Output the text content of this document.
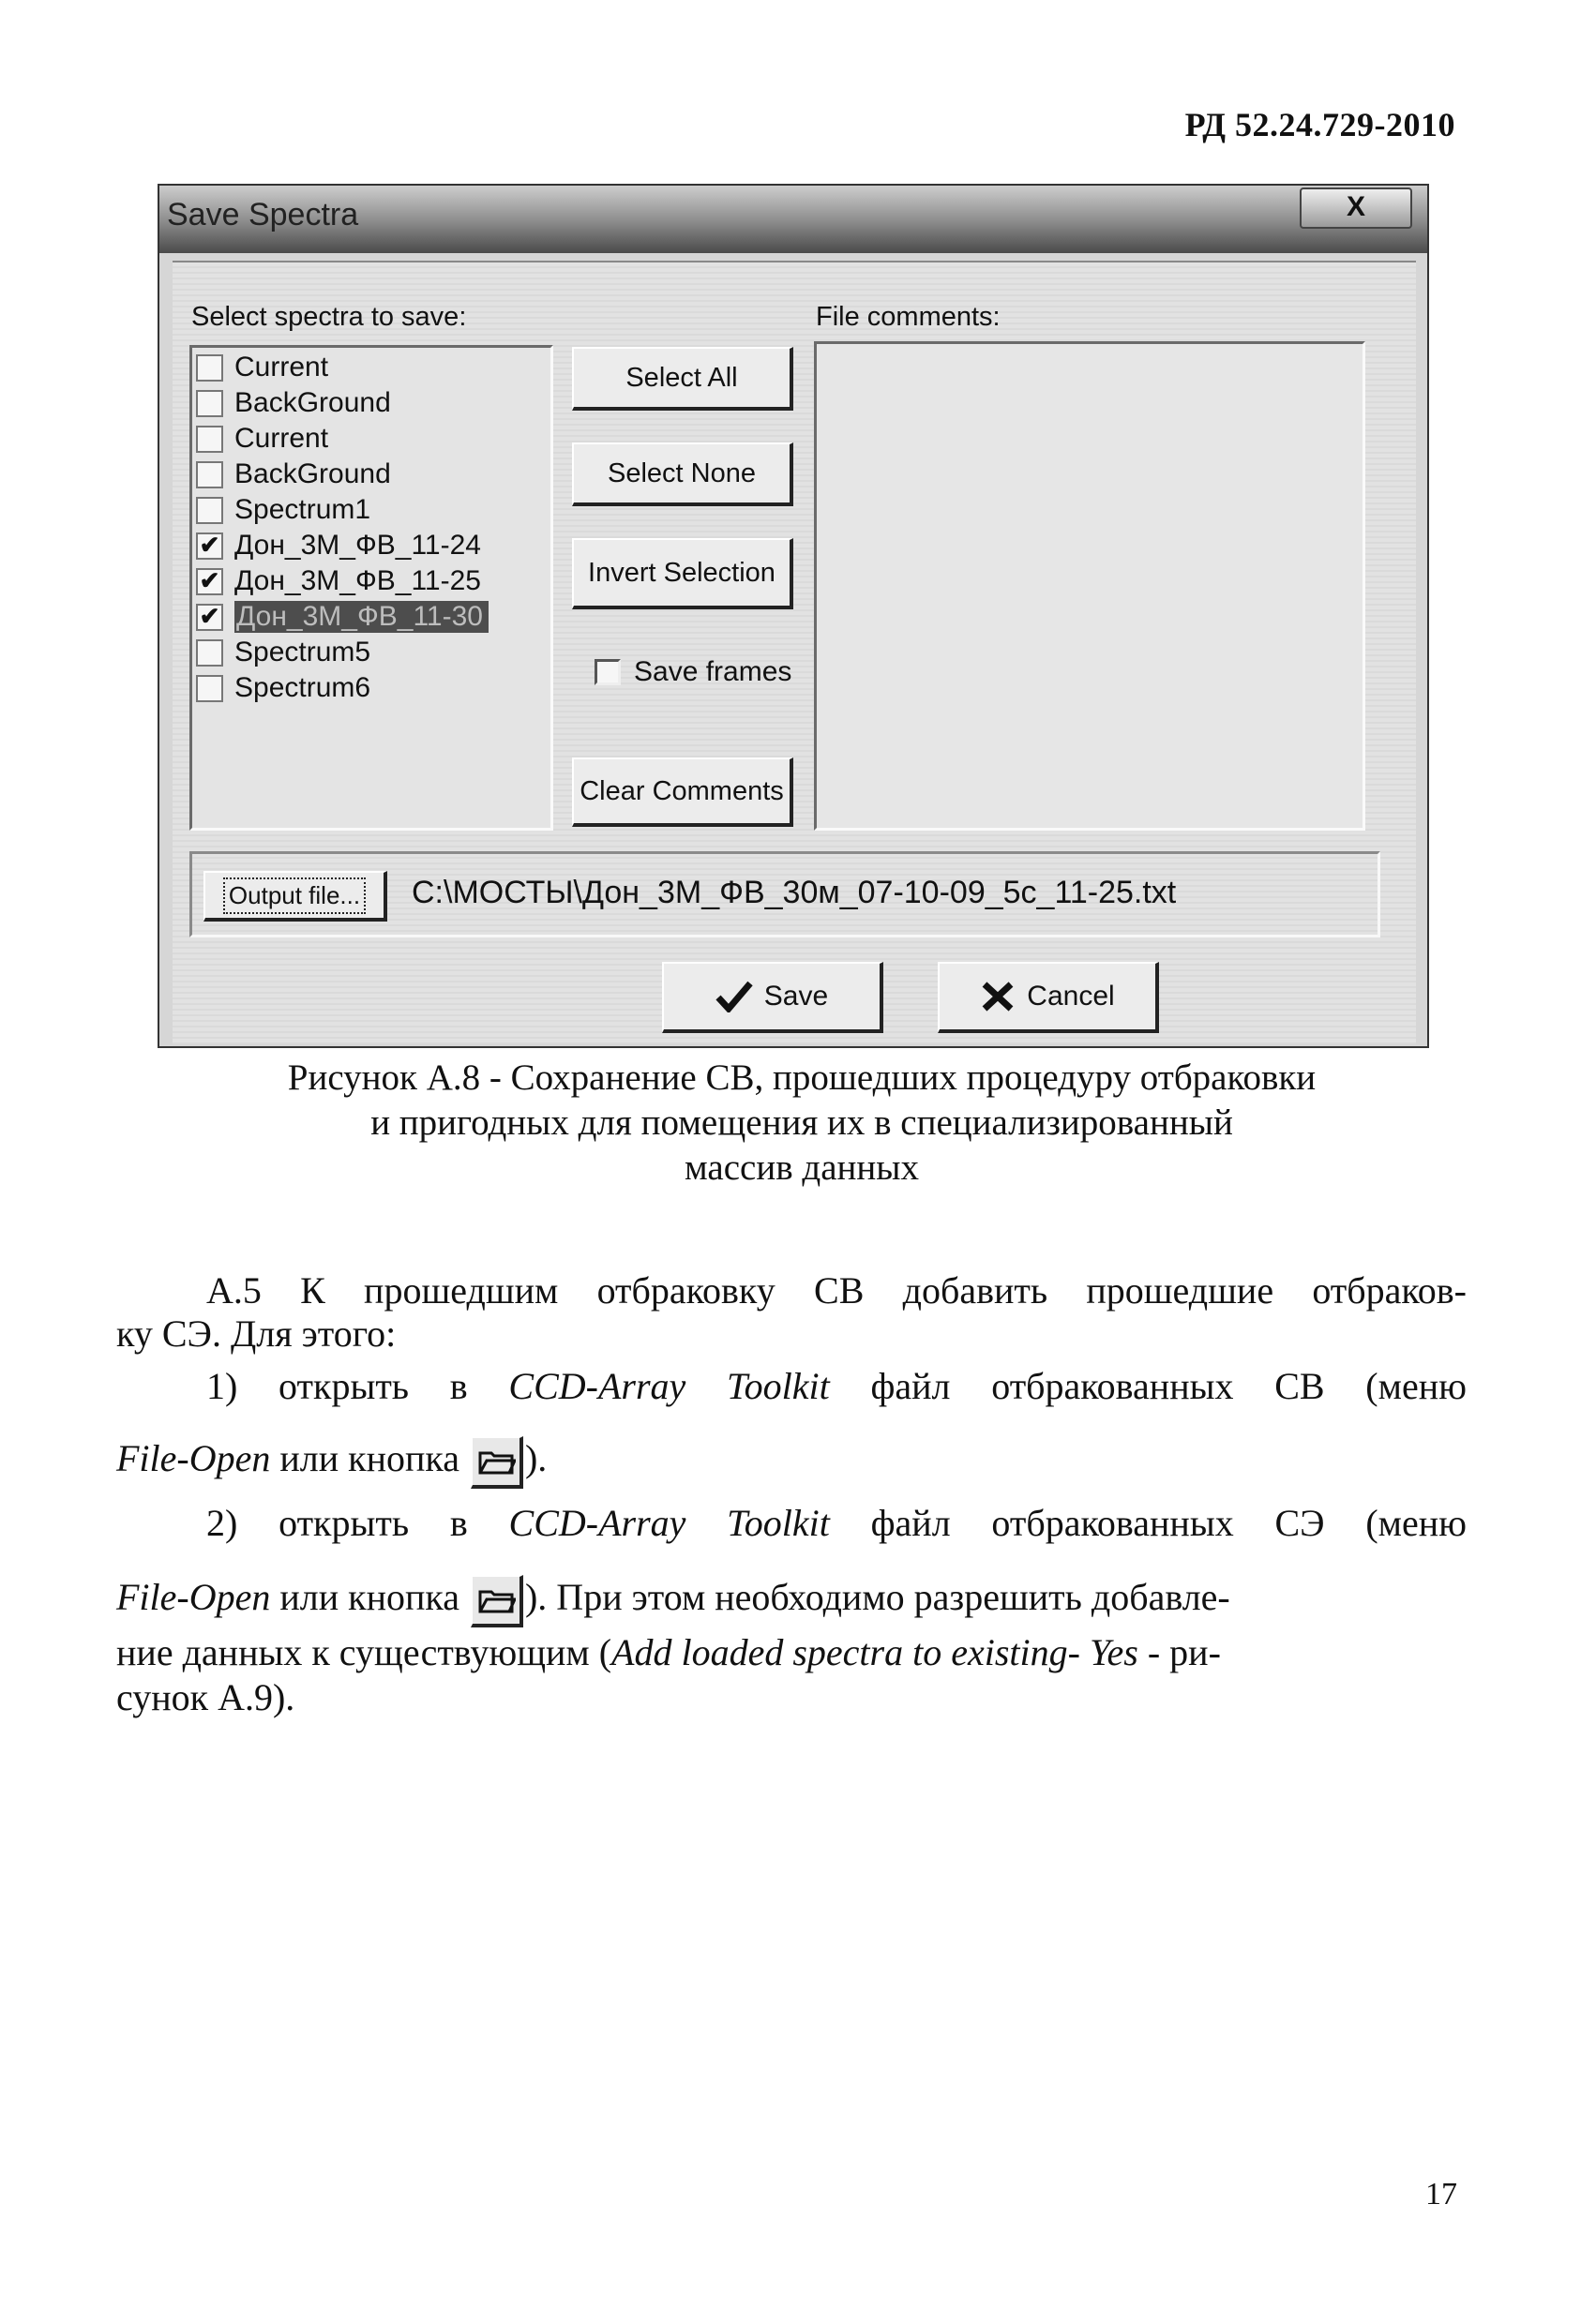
РД 52.24.729-2010
Save Spectra	X
Select spectra to save:	File comments:
Current
BackGround
Current
BackGround
Spectrum1
✔ Дон_3М_ФВ_11-24
✔ Дон_3М_ФВ_11-25
✔ Дон_3М_ФВ_11-30
Spectrum5
Spectrum6
Select All
Select None
Invert Selection
Save frames
Clear Comments
Output file... C:\МОСТЫ\Дон_3М_ФВ_30м_07-10-09_5с_11-25.txt
Save	Cancel
Рисунок А.8 - Сохранение СВ, прошедших процедуру отбраковки
и пригодных для помещения их в специализированный
массив данных
А.5 К прошедшим отбраковку СВ добавить прошедшие отбраков-
ку СЭ. Для этого:
1) открыть в CCD-Array Toolkit файл отбракованных СВ (меню
File-Open или кнопка
).
2) открыть в CCD-Array Toolkit файл отбракованных СЭ (меню
File-Open или кнопка
). При этом необходимо разрешить добавле-
ние данных к существующим (Add loaded spectra to existing- Yes - ри-
сунок А.9).
17
